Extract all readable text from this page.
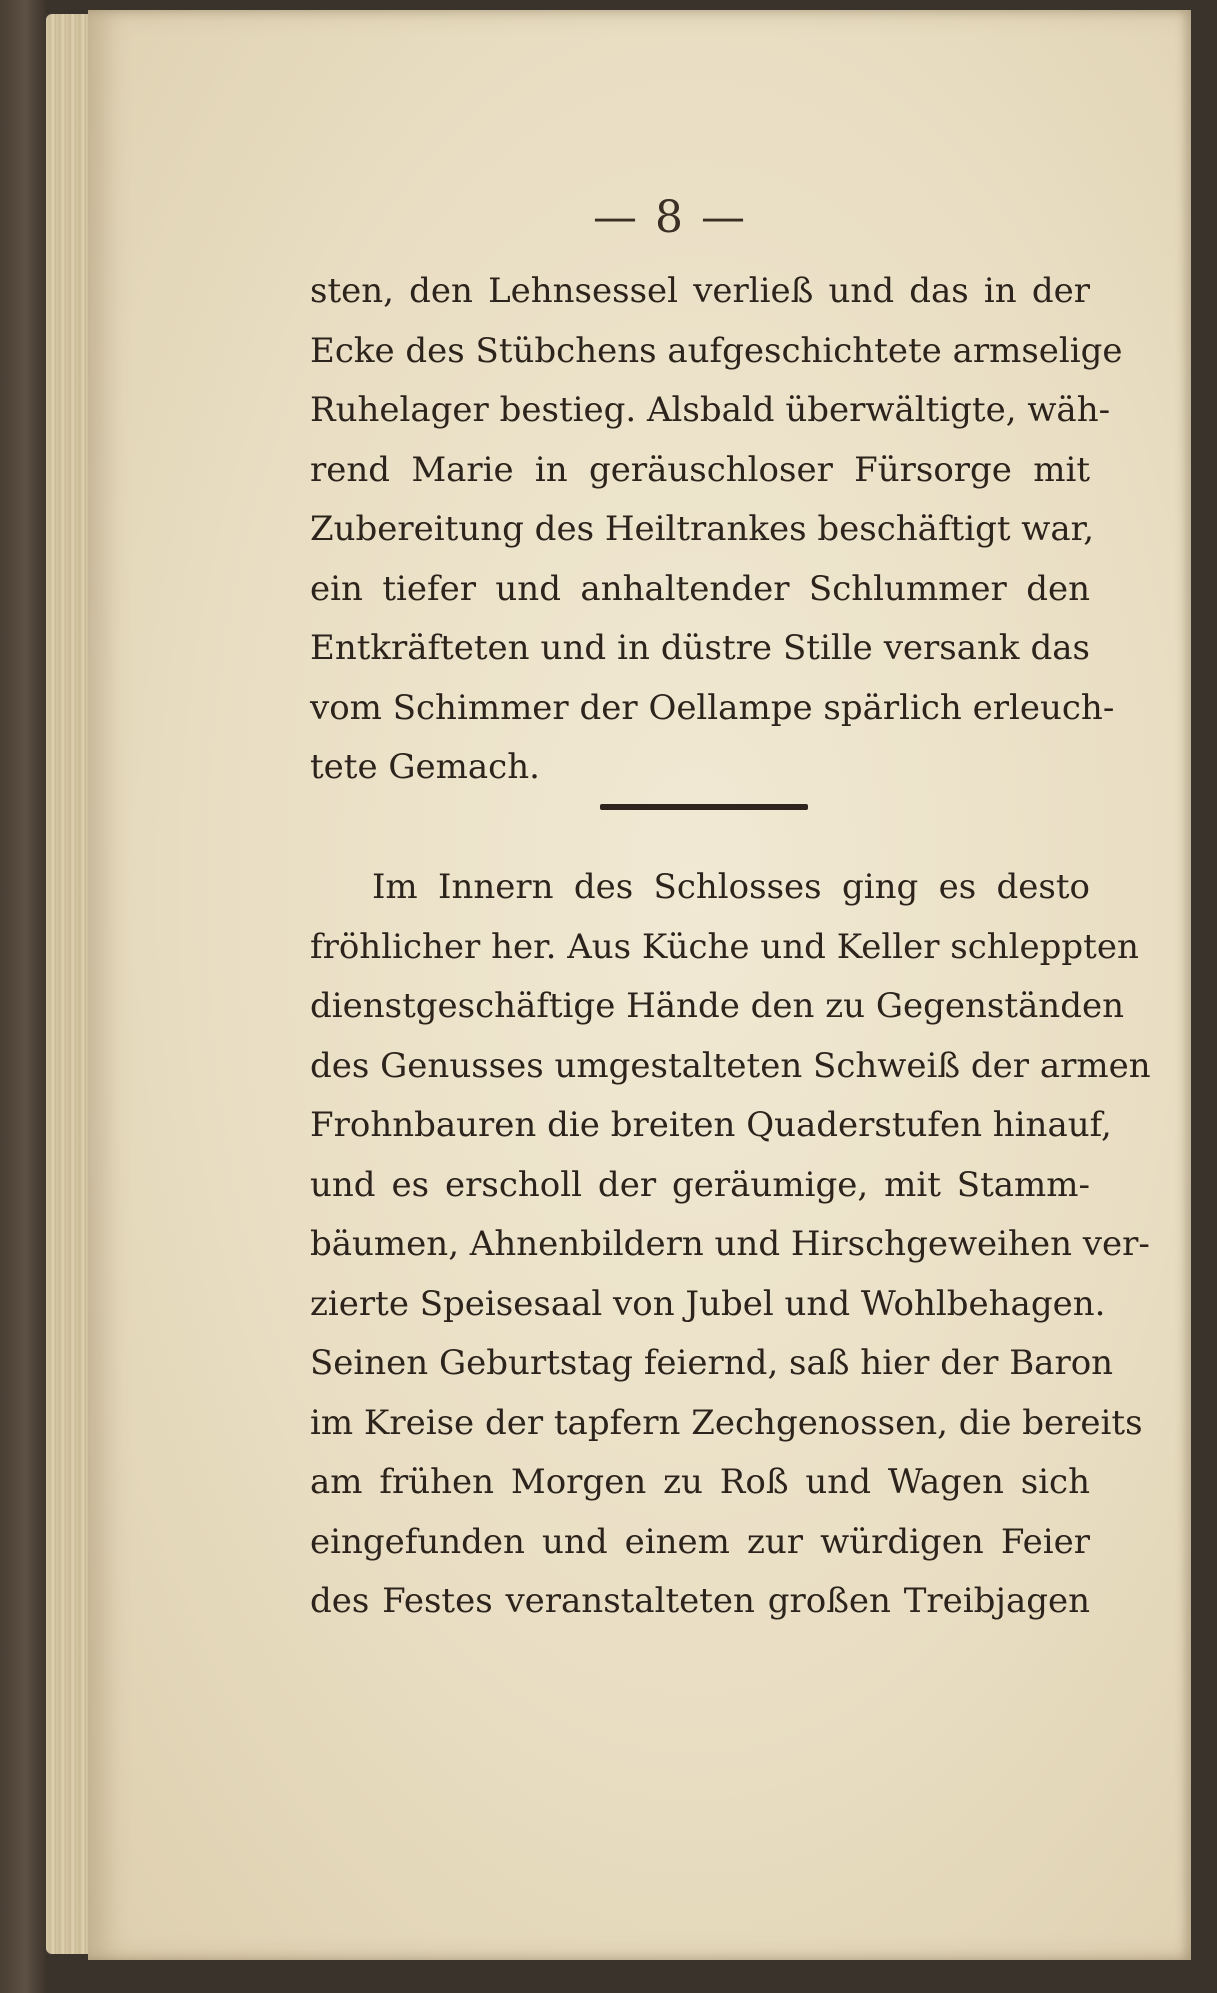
— 8 —
sten, den Lehnsessel verließ und das in der
Ecke des Stübchens aufgeschichtete armselige
Ruhelager bestieg. Alsbald überwältigte, wäh-
rend Marie in geräuschloser Fürsorge mit
Zubereitung des Heiltrankes beschäftigt war,
ein tiefer und anhaltender Schlummer den
Entkräfteten und in düstre Stille versank das
vom Schimmer der Oellampe spärlich erleuch-
tete Gemach.
Im Innern des Schlosses ging es desto
fröhlicher her. Aus Küche und Keller schleppten
dienstgeschäftige Hände den zu Gegenständen
des Genusses umgestalteten Schweiß der armen
Frohnbauren die breiten Quaderstufen hinauf,
und es erscholl der geräumige, mit Stamm-
bäumen, Ahnenbildern und Hirschgeweihen ver-
zierte Speisesaal von Jubel und Wohlbehagen.
Seinen Geburtstag feiernd, saß hier der Baron
im Kreise der tapfern Zechgenossen, die bereits
am frühen Morgen zu Roß und Wagen sich
eingefunden und einem zur würdigen Feier
des Festes veranstalteten großen Treibjagen
